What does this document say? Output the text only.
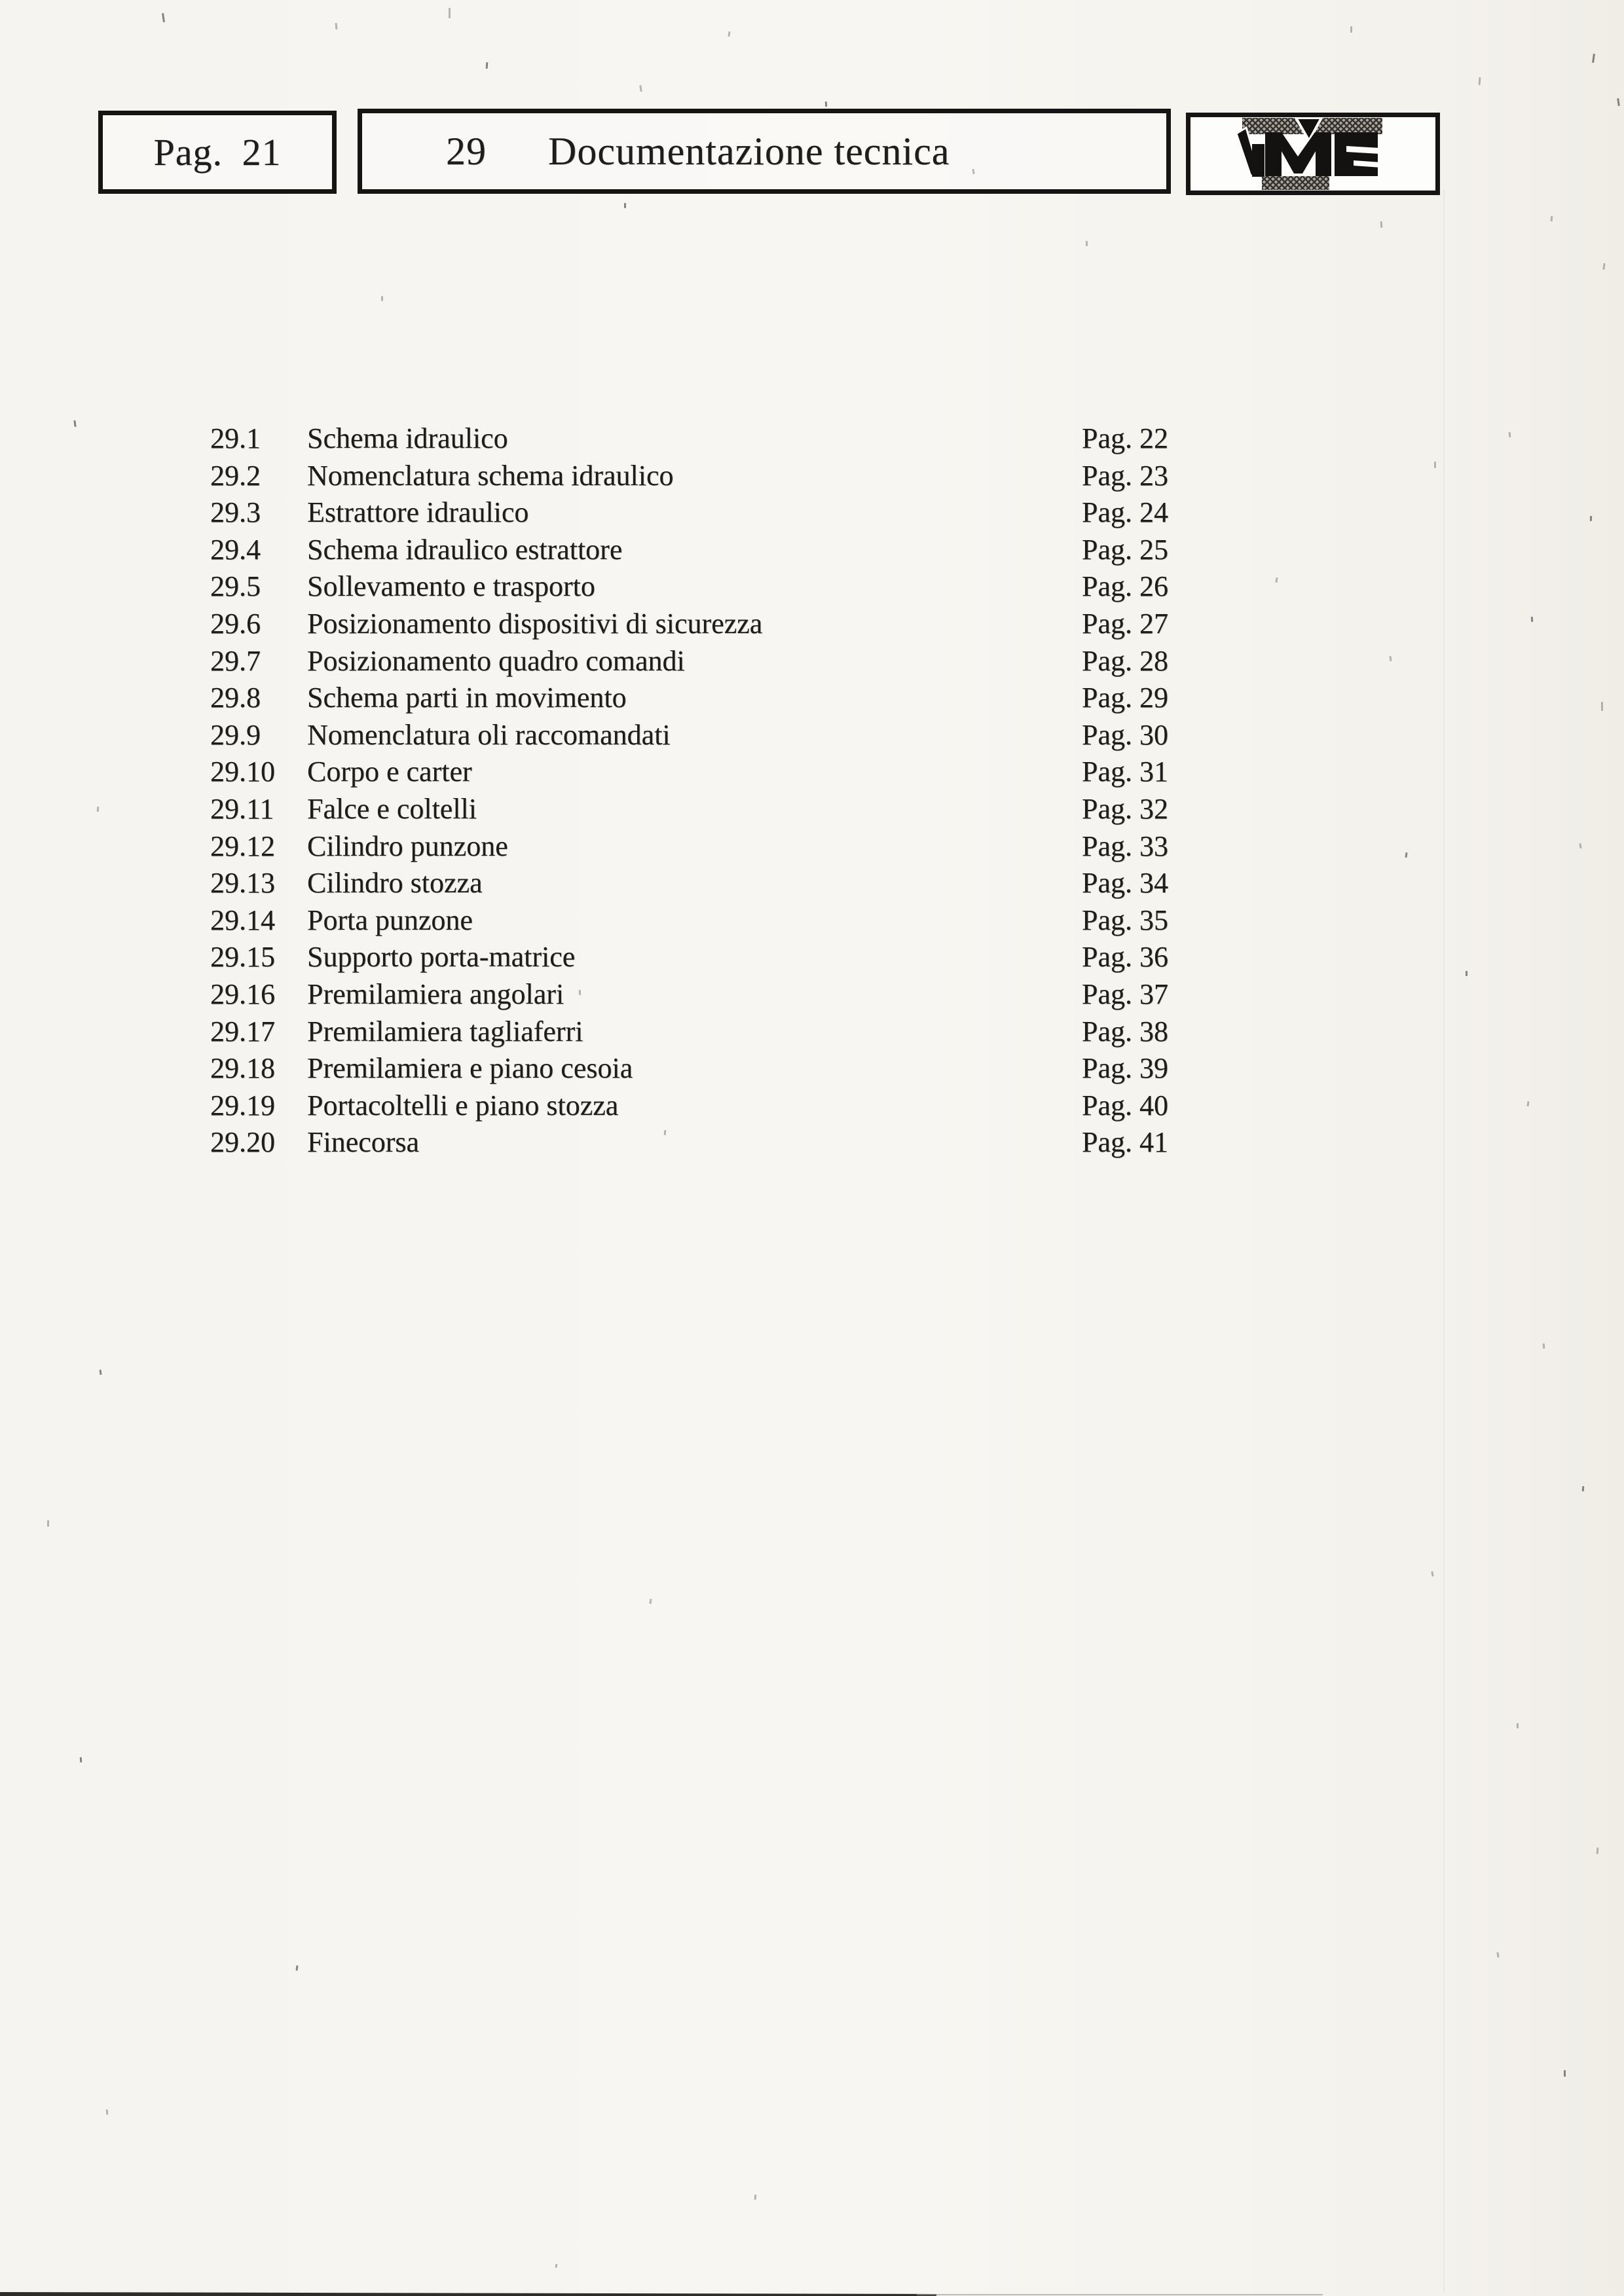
Pag. 21	29 Documentazione tecnica
29.1 Schema idraulico	Pag. 22
29.2 Nomenclatura schema idraulico	Pag. 23
29.3 Estrattore idraulico	Pag. 24
29.4 Schema idraulico estrattore	Pag. 25
29.5 Sollevamento e trasporto	Pag. 26
29.6 Posizionamento dispositivi di sicurezza	Pag. 27
29.7 Posizionamento quadro comandi	Pag. 28
29.8 Schema parti in movimento	Pag. 29
29.9 Nomenclatura oli raccomandati	Pag. 30
29.10 Corpo e carter	Pag. 31
29.11 Falce e coltelli	Pag. 32
29.12 Cilindro punzone	Pag. 33
29.13 Cilindro stozza	Pag. 34
29.14 Porta punzone	Pag. 35
29.15 Supporto porta-matrice	Pag. 36
29.16 Premilamiera angolari	Pag. 37
29.17 Premilamiera tagliaferri	Pag. 38
29.18 Premilamiera e piano cesoia	Pag. 39
29.19 Portacoltelli e piano stozza	Pag. 40
29.20 Finecorsa	Pag. 41
